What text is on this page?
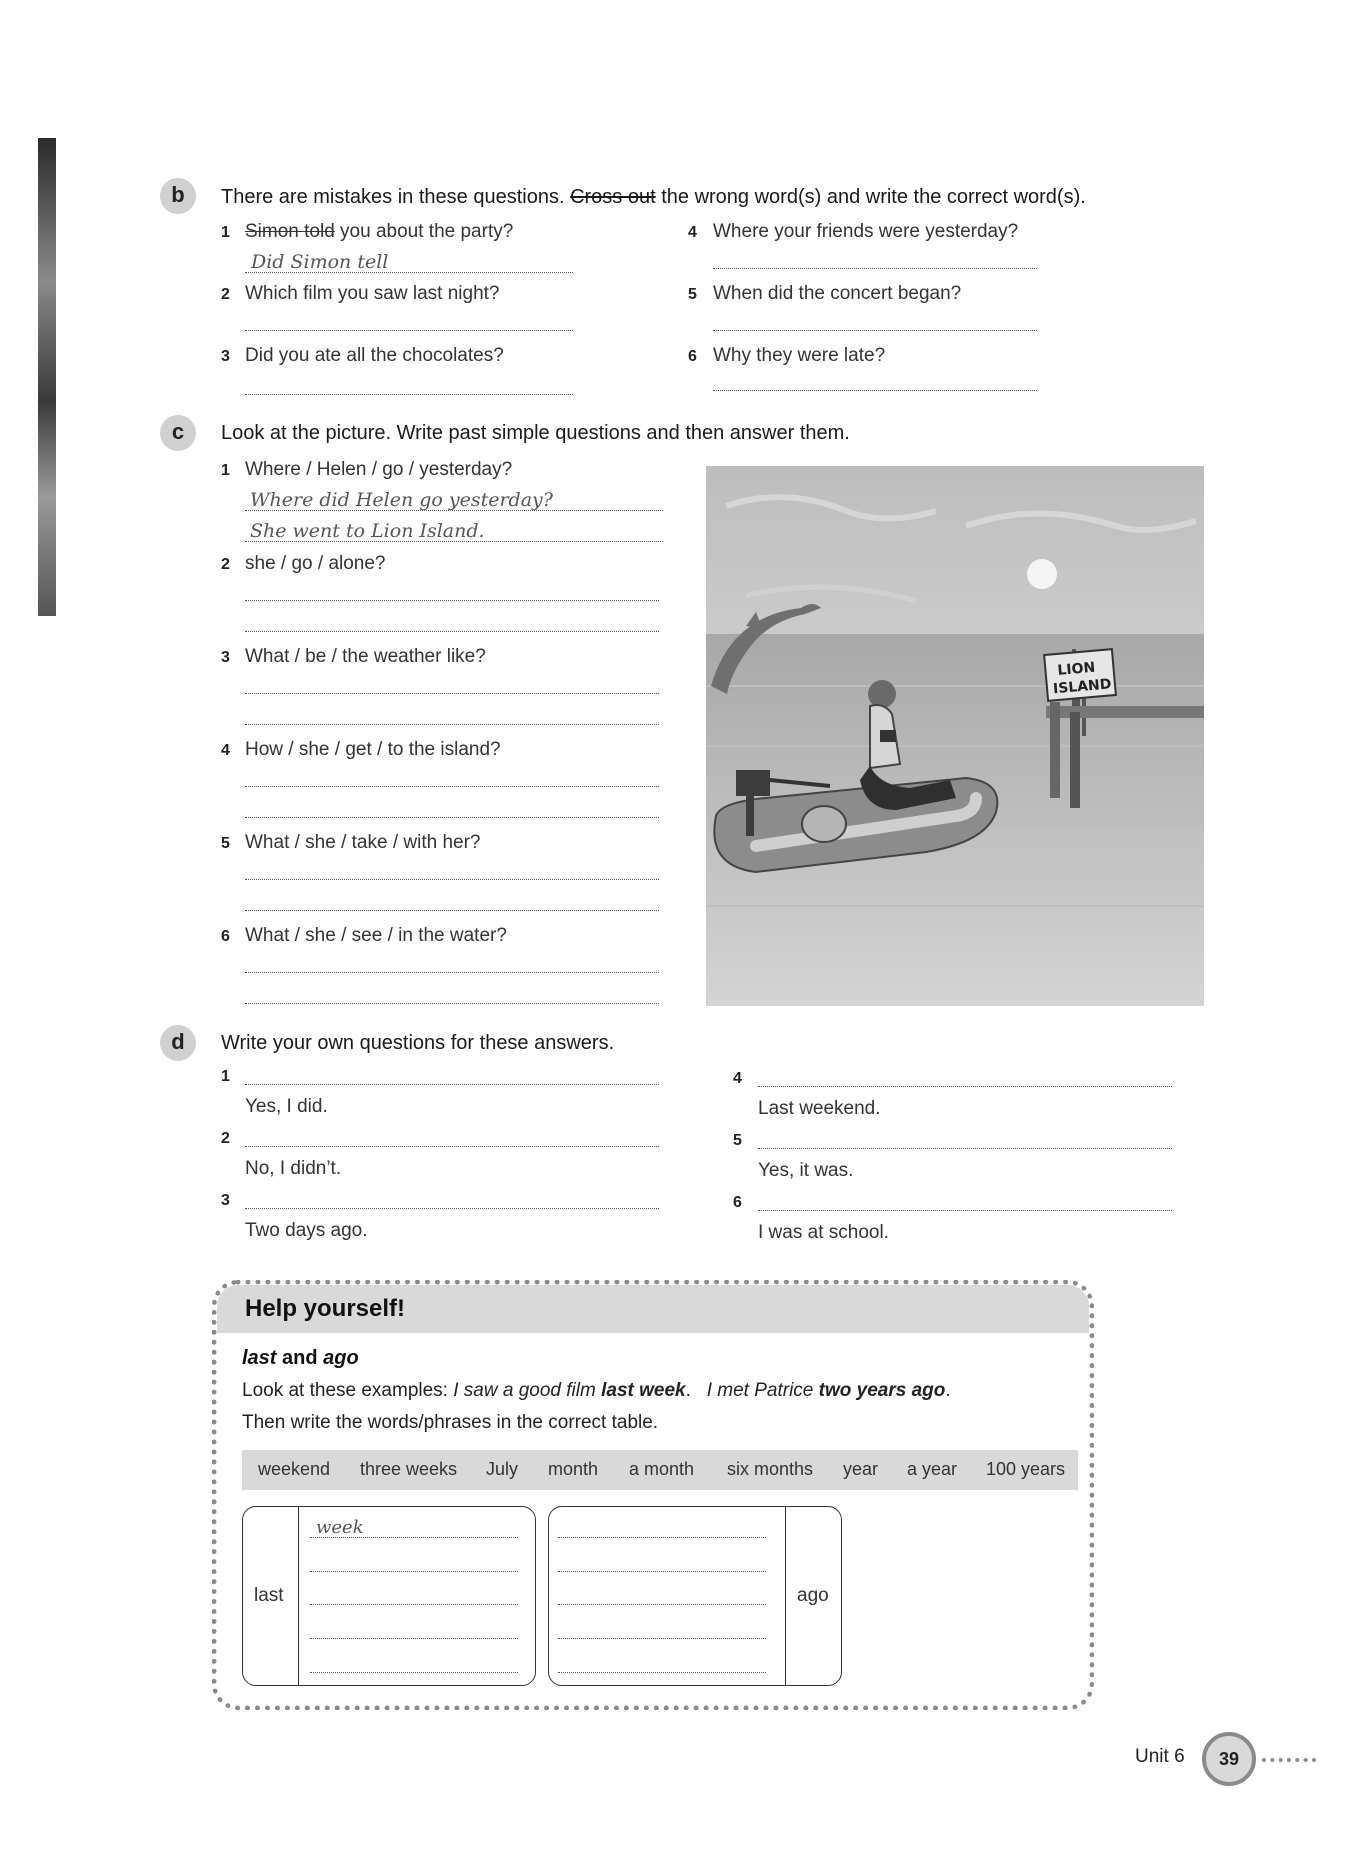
b	There are mistakes in these questions. Cross out the wrong word(s) and write the correct word(s).
1 Simon told you about the party?
Did Simon tell
2 Which film you saw last night?
3 Did you ate all the chocolates?
4 Where your friends were yesterday?
5 When did the concert began?
6 Why they were late?
c	Look at the picture. Write past simple questions and then answer them.
1 Where / Helen / go / yesterday?
Where did Helen go yesterday?
She went to Lion Island.
2 she / go / alone?
3 What / be / the weather like?
4 How / she / get / to the island?
5 What / she / take / with her?
6 What / she / see / in the water?
LION
ISLAND
d	Write your own questions for these answers.
1
Yes, I did.
2
No, I didn’t.
3
Two days ago.
4
Last weekend.
5
Yes, it was.
6
I was at school.
Help yourself!
last and ago
Look at these examples: I saw a good film last week. I met Patrice two years ago.
Then write the words/phrases in the correct table.
weekend three weeks July month a month six months year a year 100 years
last
week
ago
Unit 6	39
